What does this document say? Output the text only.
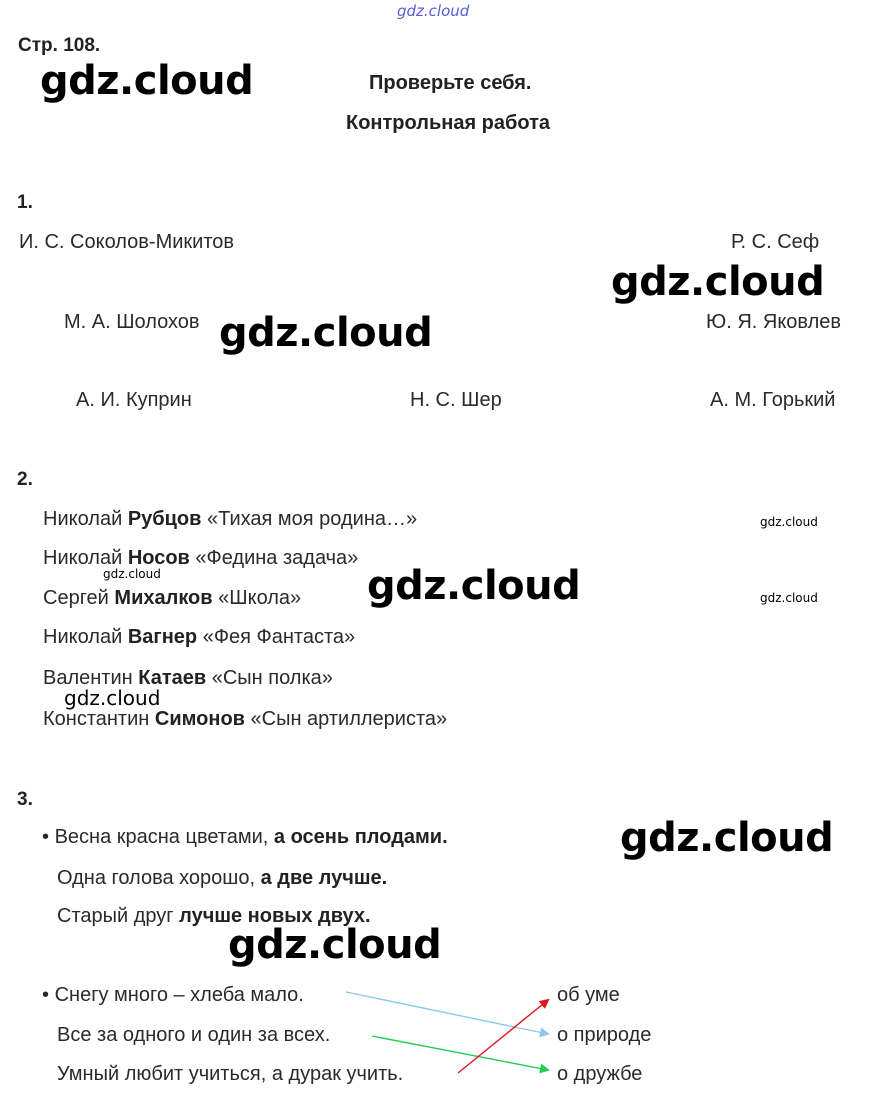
gdz.cloud
Стр. 108.
gdz.cloud	Проверьте себя.
Контрольная работа
1.
И. С. Соколов-Микитов	Р. С. Сеф
gdz.cloud
М. А. Шолохов gdz.cloud	Ю. Я. Яковлев
А. И. Куприн	Н. С. Шер	А. М. Горький
2.
Николай Рубцов «Тихая моя родина…»
Николай Носов «Федина задача»
Сергей Михалков «Школа»
Николай Вагнер «Фея Фантаста»
Валентин Катаев «Сын полка»
Константин Симонов «Сын артиллериста»
gdz.cloud
gdz.cloud	gdz.cloud	gdz.cloud
gdz.cloud
3.
• Весна красна цветами, а осень плодами.
Одна голова хорошо, а две лучше.
Старый друг лучше новых двух.
gdz.cloud
gdz.cloud
• Снегу много – хлеба мало.
Все за одного и один за всех.
Умный любит учиться, а дурак учить.
об уме
о природе
о дружбе
